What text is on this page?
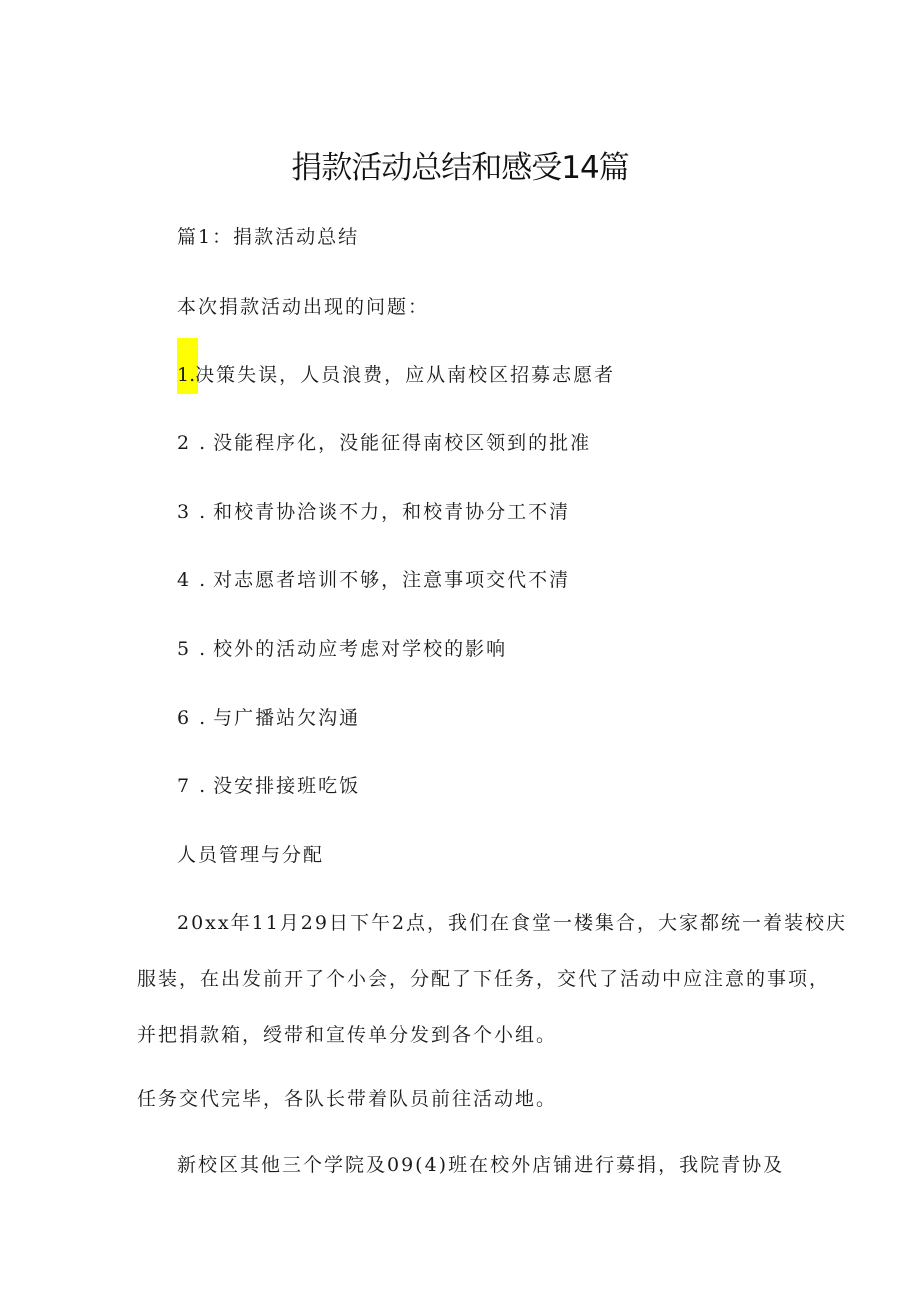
捐款活动总结和感受14篇
篇1：捐款活动总结
本次捐款活动出现的问题：
1.决策失误，人员浪费，应从南校区招募志愿者
2 . 没能程序化，没能征得南校区领到的批准
3 . 和校青协洽谈不力，和校青协分工不清
4 . 对志愿者培训不够，注意事项交代不清
5 . 校外的活动应考虑对学校的影响
6 . 与广播站欠沟通
7 . 没安排接班吃饭
人员管理与分配
20xx年11月29日下午2点，我们在食堂一楼集合，大家都统一着装校庆
服装，在出发前开了个小会，分配了下任务，交代了活动中应注意的事项，
并把捐款箱，绶带和宣传单分发到各个小组。
任务交代完毕，各队长带着队员前往活动地。
新校区其他三个学院及09(4)班在校外店铺进行募捐，我院青协及
